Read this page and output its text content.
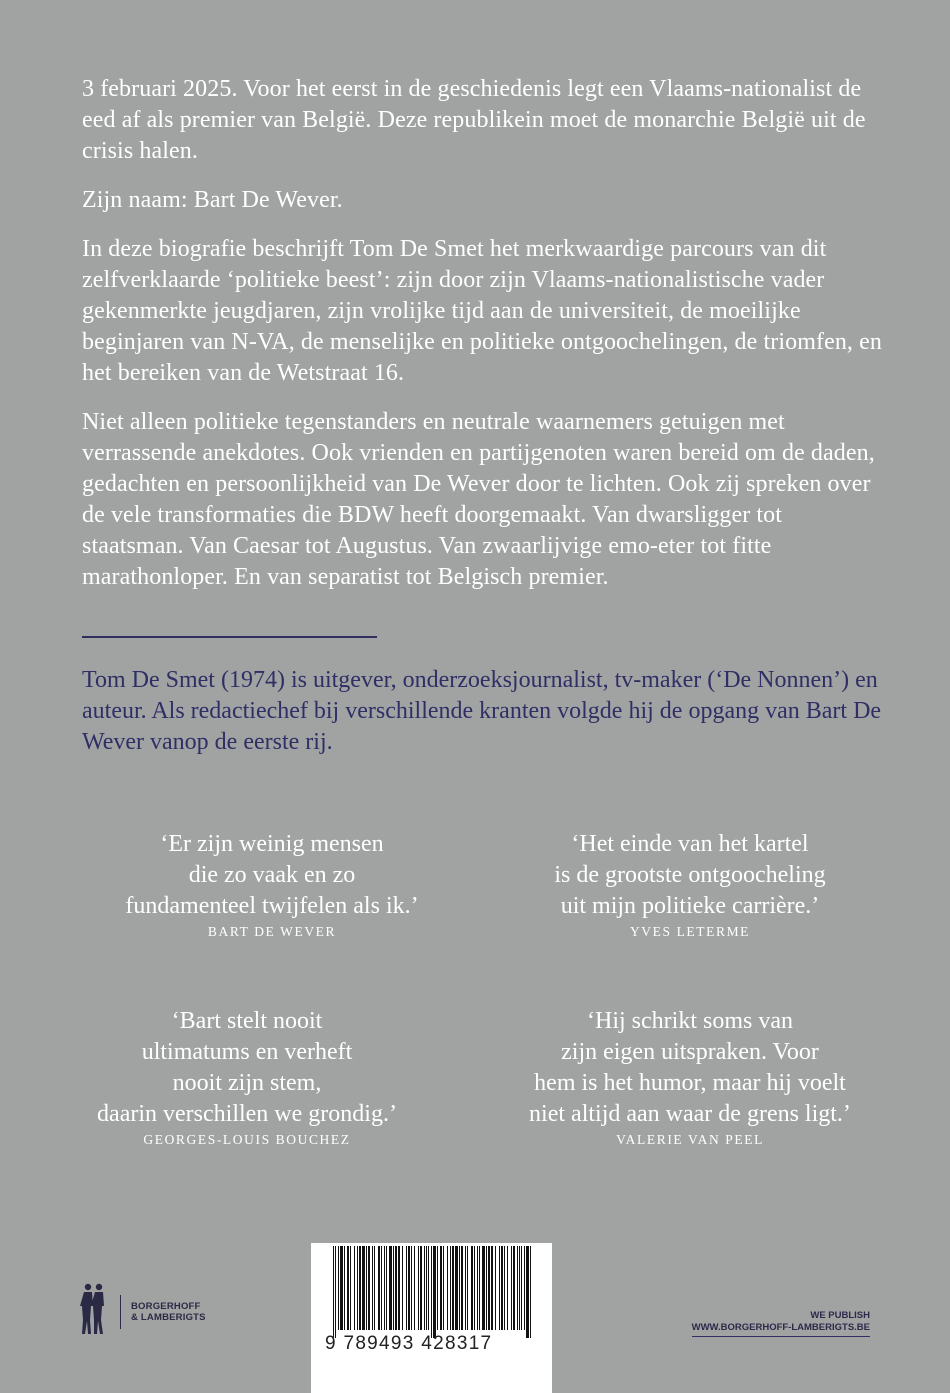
3 februari 2025. Voor het eerst in de geschiedenis legt een Vlaams-nationalist de eed af als premier van België. Deze republikein moet de monarchie België uit de crisis halen.

Zijn naam: Bart De Wever.

In deze biografie beschrijft Tom De Smet het merkwaardige parcours van dit zelfverklaarde ‘politieke beest’: zijn door zijn Vlaams-nationalistische vader gekenmerkte jeugdjaren, zijn vrolijke tijd aan de universiteit, de moeilijke beginjaren van N-VA, de menselijke en politieke ontgoochelingen, de triomfen, en het bereiken van de Wetstraat 16.

Niet alleen politieke tegenstanders en neutrale waarnemers getuigen met verrassende anekdotes. Ook vrienden en partijgenoten waren bereid om de daden, gedachten en persoonlijkheid van De Wever door te lichten. Ook zij spreken over de vele transformaties die BDW heeft doorgemaakt. Van dwarsligger tot staatsman. Van Caesar tot Augustus. Van zwaarlijvige emo-eter tot fitte marathonloper. En van separatist tot Belgisch premier.

Tom De Smet (1974) is uitgever, onderzoeksjournalist, tv-maker (‘De Nonnen’) en auteur. Als redactiechef bij verschillende kranten volgde hij de opgang van Bart De Wever vanop de eerste rij.

‘Er zijn weinig mensen
die zo vaak en zo
fundamenteel twijfelen als ik.’
BART DE WEVER
‘Het einde van het kartel
is de grootste ontgoocheling
uit mijn politieke carrière.’
YVES LETERME
‘Bart stelt nooit
ultimatums en verheft
nooit zijn stem,
daarin verschillen we grondig.’
GEORGES-LOUIS BOUCHEZ
‘Hij schrikt soms van
zijn eigen uitspraken. Voor
hem is het humor, maar hij voelt
niet altijd aan waar de grens ligt.’
VALERIE VAN PEEL
BORGERHOFF
& LAMBERIGTS
9 789493 428317
WE PUBLISH
WWW.BORGERHOFF-LAMBERIGTS.BE
